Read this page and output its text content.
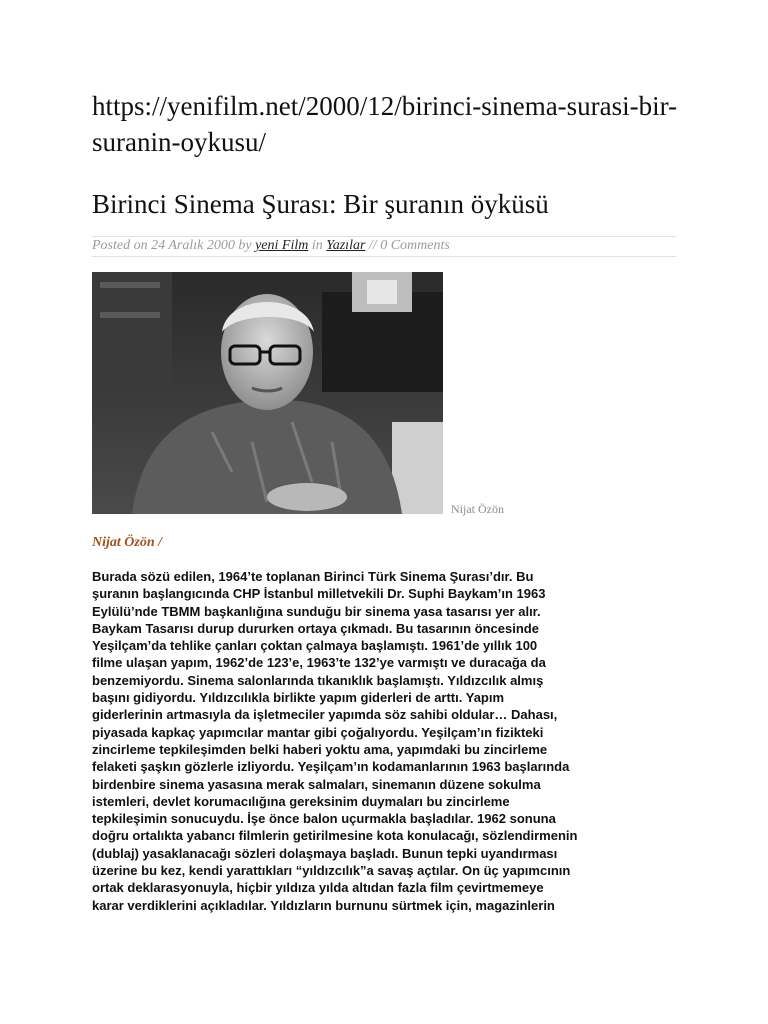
https://yenifilm.net/2000/12/birinci-sinema-surasi-bir-suranin-oykusu/
Birinci Sinema Şurası: Bir şuranın öyküsü
Posted on 24 Aralık 2000 by yeni Film in Yazılar // 0 Comments
Nijat Özön
Nijat Özön /

Burada sözü edilen, 1964’te toplanan Birinci Türk Sinema Şurası’dır. Bu
şuranın başlangıcında CHP İstanbul milletvekili Dr. Suphi Baykam’ın 1963
Eylülü’nde TBMM başkanlığına sunduğu bir sinema yasa tasarısı yer alır.
Baykam Tasarısı durup dururken ortaya çıkmadı. Bu tasarının öncesinde
Yeşilçam’da tehlike çanları çoktan çalmaya başlamıştı. 1961’de yıllık 100
filme ulaşan yapım, 1962’de 123’e, 1963’te 132’ye varmıştı ve duracağa da
benzemiyordu. Sinema salonlarında tıkanıklık başlamıştı. Yıldızcılık almış
başını gidiyordu. Yıldızcılıkla birlikte yapım giderleri de arttı. Yapım
giderlerinin artmasıyla da işletmeciler yapımda söz sahibi oldular… Dahası,
piyasada kapkaç yapımcılar mantar gibi çoğalıyordu. Yeşilçam’ın fizikteki
zincirleme tepkileşimden belki haberi yoktu ama, yapımdaki bu zincirleme
felaketi şaşkın gözlerle izliyordu. Yeşilçam’ın kodamanlarının 1963 başlarında
birdenbire sinema yasasına merak salmaları, sinemanın düzene sokulma
istemleri, devlet korumacılığına gereksinim duymaları bu zincirleme
tepkileşimin sonucuydu. İşe önce balon uçurmakla başladılar. 1962 sonuna
doğru ortalıkta yabancı filmlerin getirilmesine kota konulacağı, sözlendirmenin
(dublaj) yasaklanacağı sözleri dolaşmaya başladı. Bunun tepki uyandırması
üzerine bu kez, kendi yarattıkları “yıldızcılık”a savaş açtılar. On üç yapımcının
ortak deklarasyonuyla, hiçbir yıldıza yılda altıdan fazla film çevirtmemeye
karar verdiklerini açıkladılar. Yıldızların burnunu sürtmek için, magazinlerin
